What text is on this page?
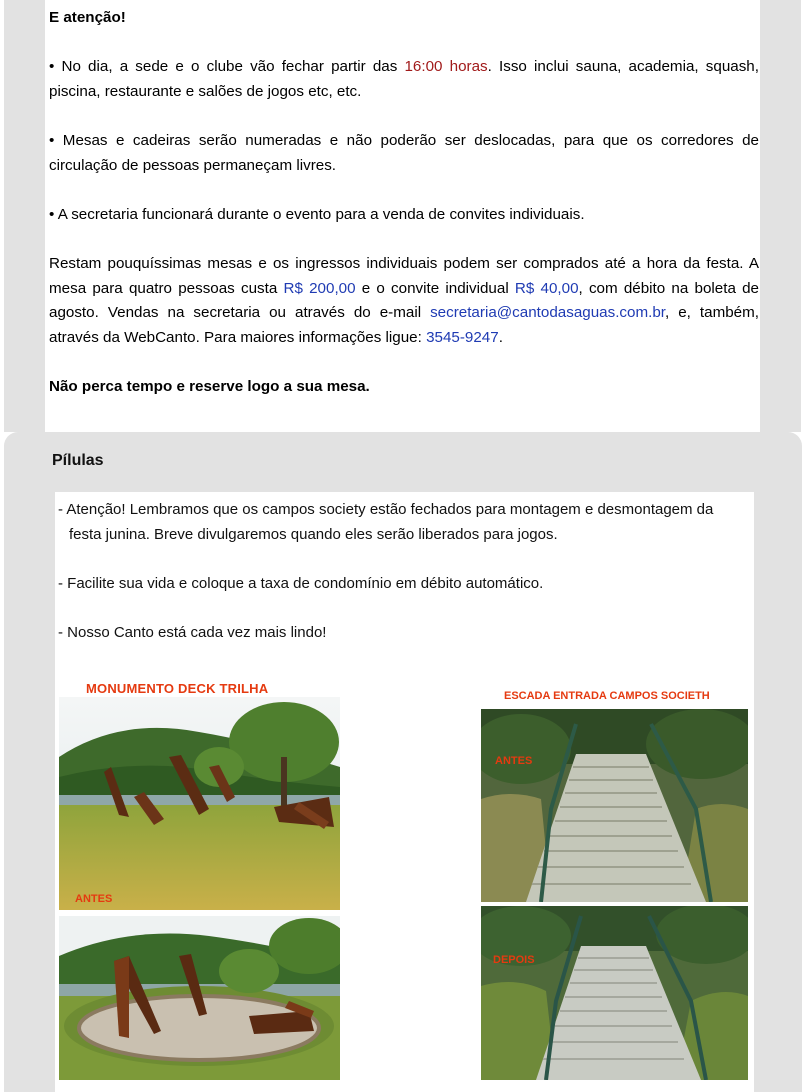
E atenção!

• No dia, a sede e o clube vão fechar partir das 16:00 horas. Isso inclui sauna, academia, squash, piscina, restaurante e salões de jogos etc, etc.

• Mesas e cadeiras serão numeradas e não poderão ser deslocadas, para que os corredores de circulação de pessoas permaneçam livres.

• A secretaria funcionará durante o evento para a venda de convites individuais.

Restam pouquíssimas mesas e os ingressos individuais podem ser comprados até a hora da festa. A mesa para quatro pessoas custa R$ 200,00 e o convite individual R$ 40,00, com débito na boleta de agosto. Vendas na secretaria ou através do e-mail secretaria@cantodasaguas.com.br, e, também, através da WebCanto. Para maiores informações ligue: 3545-9247.

Não perca tempo e reserve logo a sua mesa.

Pílulas
- Atenção! Lembramos que os campos society estão fechados para montagem e desmontagem da festa junina. Breve divulgaremos quando eles serão liberados para jogos.
- Facilite sua vida e coloque a taxa de condomínio em débito automático.
- Nosso Canto está cada vez mais lindo!
MONUMENTO DECK TRILHA	ESCADA ENTRADA CAMPOS SOCIETH
ANTES
ANTES
DEPOIS
